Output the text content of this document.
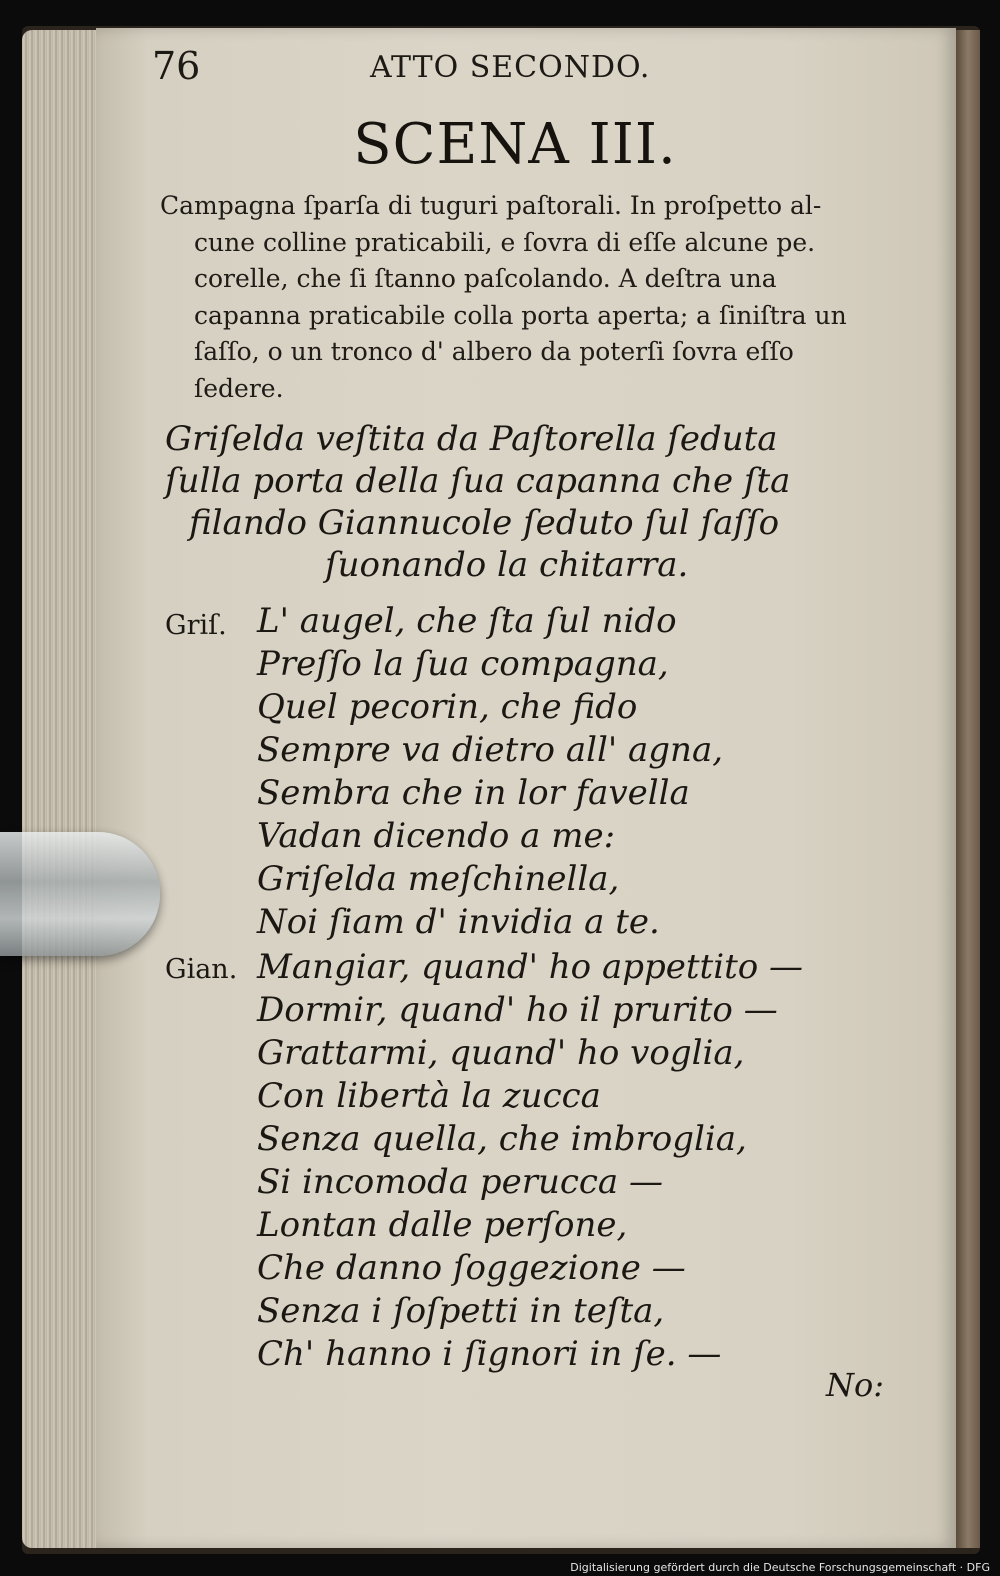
76	ATTO SECONDO.
SCENA III.
Campagna ſparſa di tuguri paſtorali. In proſpetto al-
cune colline praticabili, e ſovra di eſſe alcune pe.
corelle, che ſi ſtanno paſcolando. A deſtra una
capanna praticabile colla porta aperta; a ſiniſtra un
ſaſſo, o un tronco d' albero da poterſi ſovra eſſo
ſedere.
Griſelda veſtita da Paſtorella ſeduta
ſulla porta della ſua capanna che ſta
filando Giannucole ſeduto ſul ſaſſo
ſuonando la chitarra.
Griſ. L' augel, che ſta ſul nido
Preſſo la ſua compagna,
Quel pecorin, che fido
Sempre va dietro all' agna,
Sembra che in lor favella
Vadan dicendo a me:
Griſelda meſchinella,
Noi ſiam d' invidia a te.
Gian. Mangiar, quand' ho appettito —
Dormir, quand' ho il prurito —
Grattarmi, quand' ho voglia,
Con libertà la zucca
Senza quella, che imbroglia,
Si incomoda perucca —
Lontan dalle perſone,
Che danno ſoggezione —
Senza i ſoſpetti in teſta,
Ch' hanno i ſignori in ſe. —
No:
Digitalisierung gefördert durch die Deutsche Forschungsgemeinschaft · DFG
